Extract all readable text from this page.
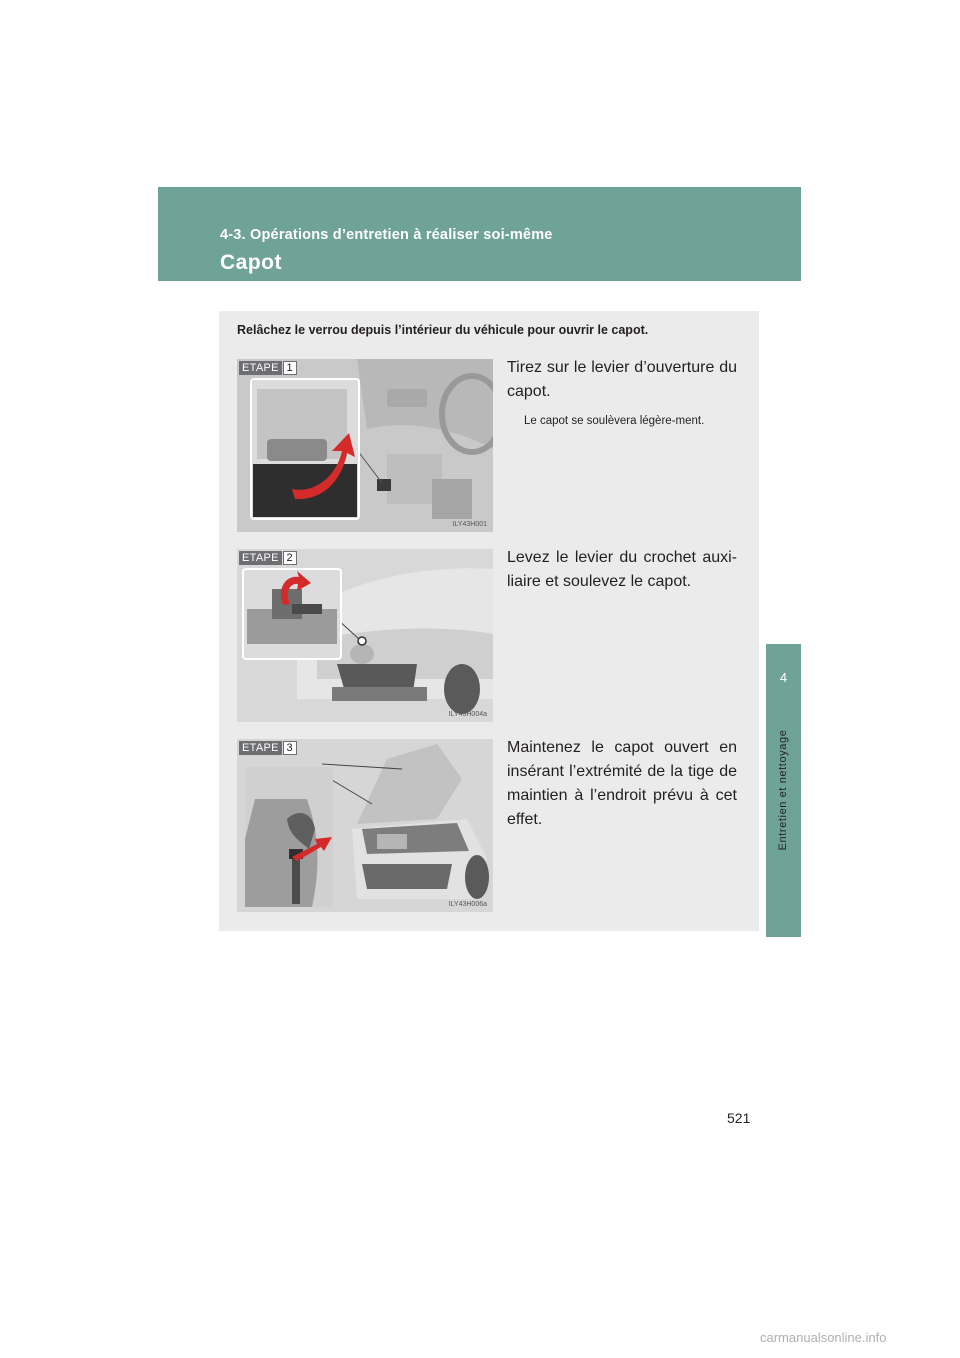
4-3. Opérations d’entretien à réaliser soi-même
Capot
4
Entretien et nettoyage
Relâchez le verrou depuis l’intérieur du véhicule pour ouvrir le capot.
ETAPE 1
ILY43H001
Tirez sur le levier d’ouverture du capot.
Le capot se soulèvera légère-ment.
ETAPE 2
ILY43H004a
Levez le levier du crochet auxi-liaire et soulevez le capot.
ETAPE 3
ILY43H006a
Maintenez le capot ouvert en insérant l’extrémité de la tige de maintien à l’endroit prévu à cet effet.
521
carmanualsonline.info
